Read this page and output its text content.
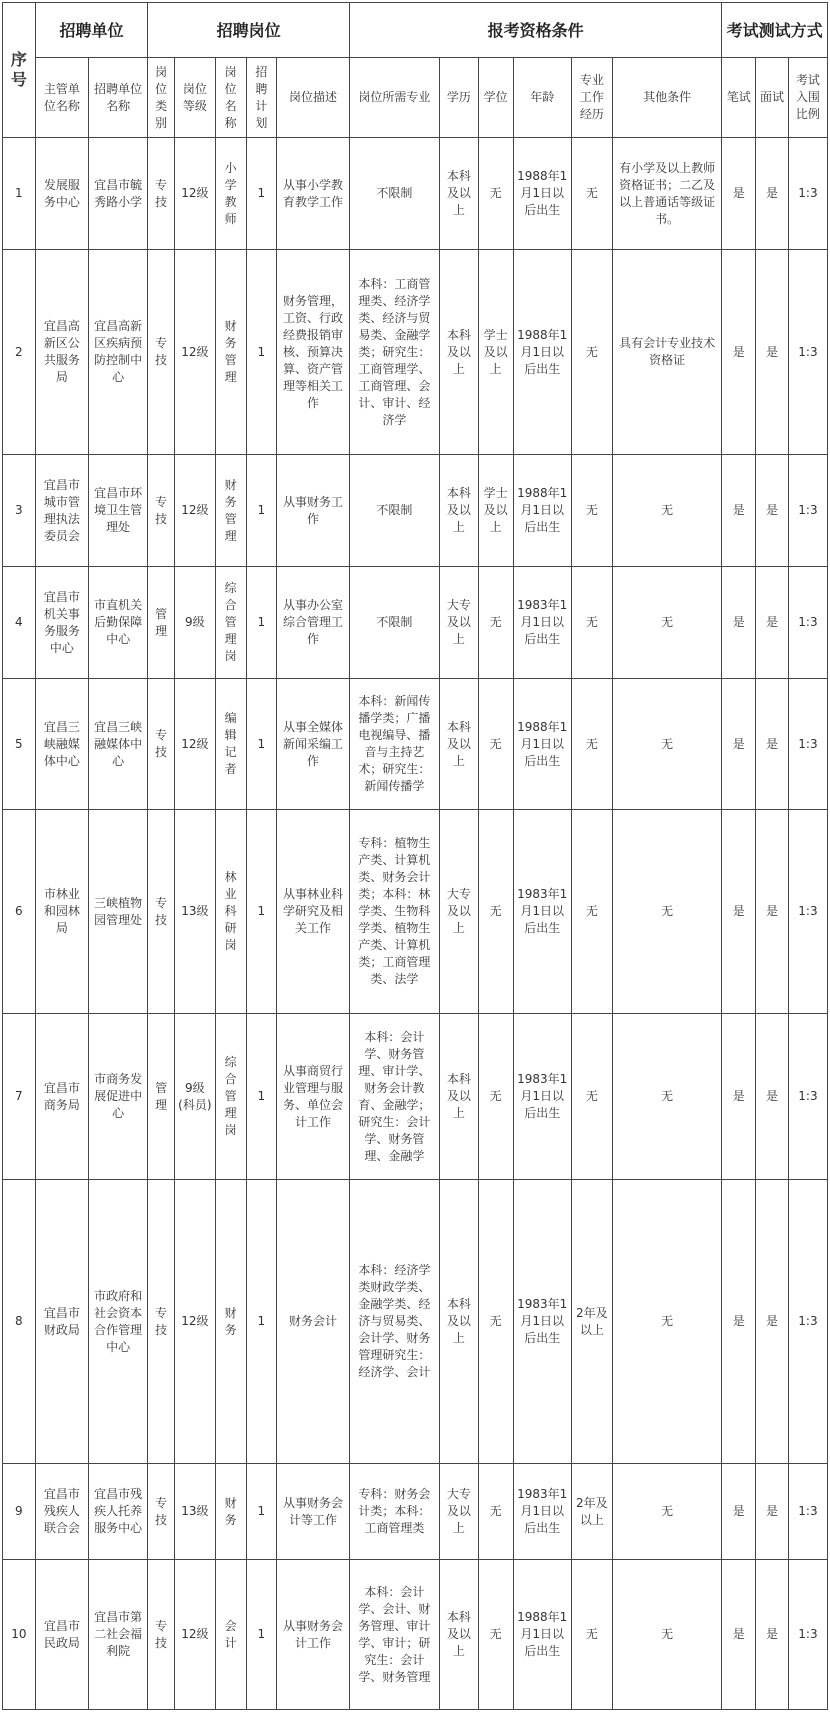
序号	招聘单位		招聘岗位					报考资格条件						考试测试方式		
	主管单位名称	招聘单位名称	岗位类别	岗位等级	岗位名称	招聘计划	岗位描述	岗位所需专业	学历	学位	年龄	专业工作经历	其他条件	笔试	面试	考试入围比例
1	发展服务中心	宜昌市毓秀路小学	专技	12级	小学教师	1	从事小学教育教学工作	不限制	本科及以上	无	1988年1月1日以后出生	无	有小学及以上教师资格证书；二乙及以上普通话等级证书。	是	是	1:3
2	宜昌高新区公共服务局	宜昌高新区疾病预防控制中心	专技	12级	财务管理	1	财务管理，工资、行政经费报销审核、预算决算、资产管理等相关工作	本科：工商管理类、经济学类、经济与贸易类、金融学类；研究生：工商管理学、工商管理、会计、审计、经济学	本科及以上	学士及以上	1988年1月1日以后出生	无	具有会计专业技术资格证	是	是	1:3
3	宜昌市城市管理执法委员会	宜昌市环境卫生管理处	专技	12级	财务管理	1	从事财务工作	不限制	本科及以上	学士及以上	1988年1月1日以后出生	无	无	是	是	1:3
4	宜昌市机关事务服务中心	市直机关后勤保障中心	管理	9级	综合管理岗	1	从事办公室综合管理工作	不限制	大专及以上	无	1983年1月1日以后出生	无	无	是	是	1:3
5	宜昌三峡融媒体中心	宜昌三峡融媒体中心	专技	12级	编辑记者	1	从事全媒体新闻采编工作	本科：新闻传播学类；广播电视编导、播音与主持艺术；研究生：新闻传播学	本科及以上	无	1988年1月1日以后出生	无	无	是	是	1:3
6	市林业和园林局	三峡植物园管理处	专技	13级	林业科研岗	1	从事林业科学研究及相关工作	专科：植物生产类、计算机类、财务会计类；本科：林学类、生物科学类、植物生产类、计算机类；工商管理类、法学	大专及以上	无	1983年1月1日以后出生	无	无	是	是	1:3
7	宜昌市商务局	市商务发展促进中心	管理	9级(科员)	综合管理岗	1	从事商贸行业管理与服务、单位会计工作	本科：会计学、财务管理、审计学、财务会计教育、金融学；研究生：会计学、财务管理、金融学	本科及以上	无	1983年1月1日以后出生	无	无	是	是	1:3
8	宜昌市财政局	市政府和社会资本合作管理中心	专技	12级	财务	1	财务会计	本科：经济学类财政学类、金融学类、经济与贸易类、会计学、财务管理研究生：经济学、会计	本科及以上	无	1983年1月1日以后出生	2年及以上	无	是	是	1:3
9	宜昌市残疾人联合会	宜昌市残疾人托养服务中心	专技	13级	财务	1	从事财务会计等工作	专科：财务会计类；本科：工商管理类	大专及以上	无	1983年1月1日以后出生	2年及以上	无	是	是	1:3
10	宜昌市民政局	宜昌市第二社会福利院	专技	12级	会计	1	从事财务会计工作	本科：会计学、会计、财务管理、审计学、审计；研究生：会计学、财务管理	本科及以上	无	1988年1月1日以后出生	无	无	是	是	1:3
